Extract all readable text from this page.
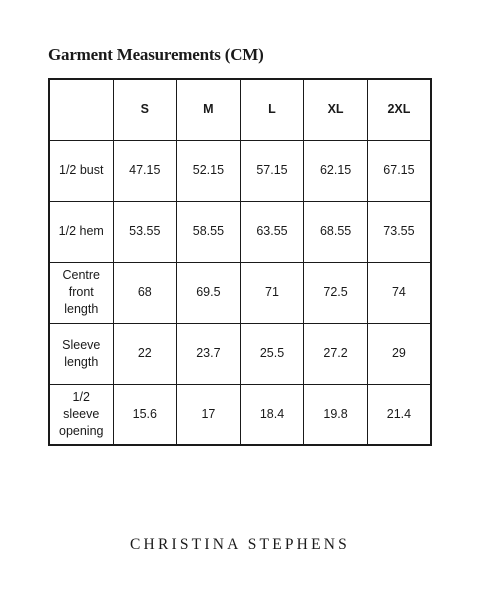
Garment Measurements (CM)
	S	M	L	XL	2XL
1/2 bust	47.15	52.15	57.15	62.15	67.15
1/2 hem	53.55	58.55	63.55	68.55	73.55
Centre front length	68	69.5	71	72.5	74
Sleeve length	22	23.7	25.5	27.2	29
1/2 sleeve opening	15.6	17	18.4	19.8	21.4
CHRISTINA STEPHENS
